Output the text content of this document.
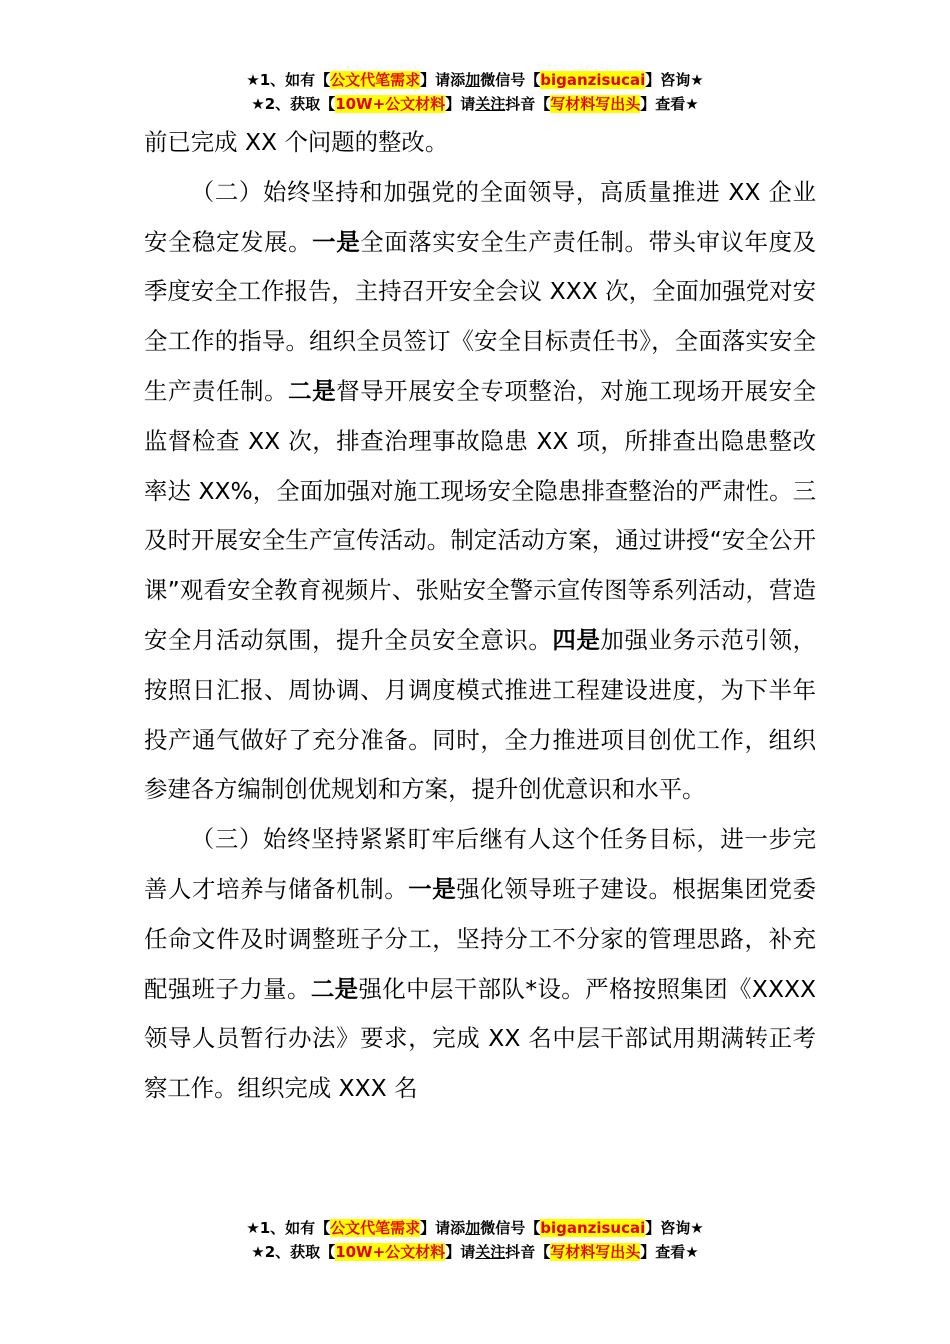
★1、如有【公文代笔需求】请添加微信号【biganzisucai】咨询★
★2、获取【10W+公文材料】请关注抖音【写材料写出头】查看★

前已完成 XX 个问题的整改。

（二）始终坚持和加强党的全面领导，高质量推进 XX 企业安全稳定发展。一是全面落实安全生产责任制。带头审议年度及季度安全工作报告，主持召开安全会议 XXX 次，全面加强党对安全工作的指导。组织全员签订《安全目标责任书》，全面落实安全生产责任制。二是督导开展安全专项整治，对施工现场开展安全监督检查 XX 次，排查治理事故隐患 XX 项，所排查出隐患整改率达 XX%，全面加强对施工现场安全隐患排查整治的严肃性。三及时开展安全生产宣传活动。制定活动方案，通过讲授“安全公开课”观看安全教育视频片、张贴安全警示宣传图等系列活动，营造安全月活动氛围，提升全员安全意识。四是加强业务示范引领，按照日汇报、周协调、月调度模式推进工程建设进度，为下半年投产通气做好了充分准备。同时，全力推进项目创优工作，组织参建各方编制创优规划和方案，提升创优意识和水平。

（三）始终坚持紧紧盯牢后继有人这个任务目标，进一步完善人才培养与储备机制。一是强化领导班子建设。根据集团党委任命文件及时调整班子分工，坚持分工不分家的管理思路，补充配强班子力量。二是强化中层干部队*设。严格按照集团《XXXX 领导人员暂行办法》要求，完成 XX 名中层干部试用期满转正考察工作。组织完成 XXX 名

★1、如有【公文代笔需求】请添加微信号【biganzisucai】咨询★
★2、获取【10W+公文材料】请关注抖音【写材料写出头】查看★
